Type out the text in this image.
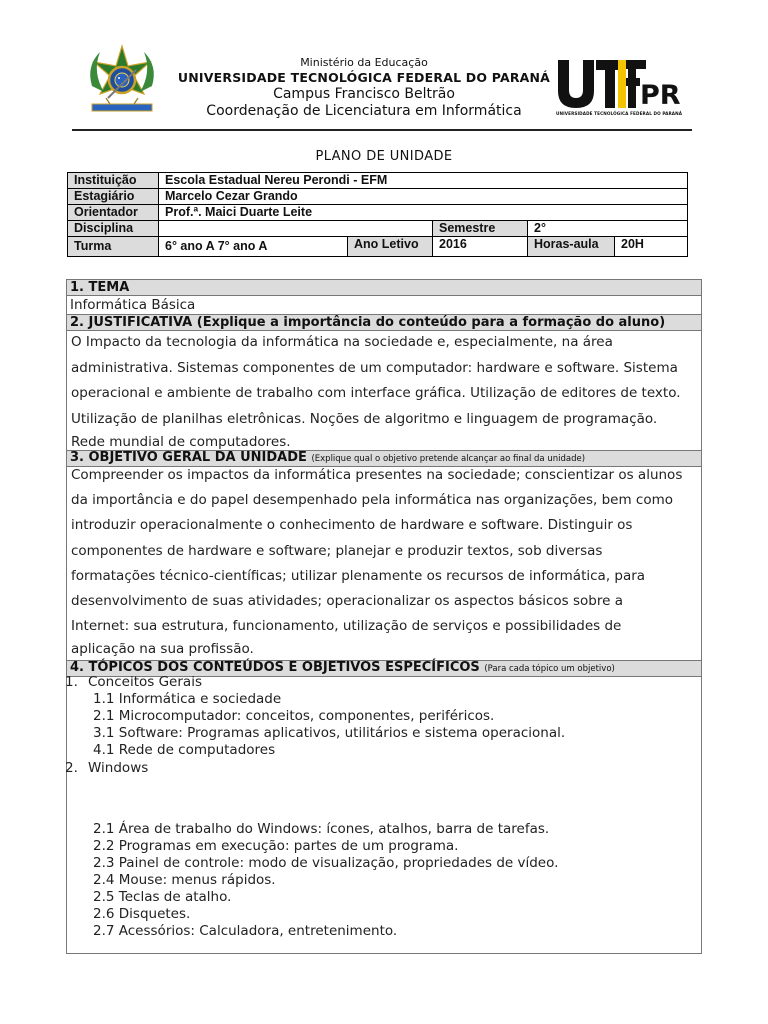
Ministério da Educação
UNIVERSIDADE TECNOLÓGICA FEDERAL DO PARANÁ
Campus Francisco Beltrão
Coordenação de Licenciatura em Informática	PR
UNIVERSIDADE TECNOLÓGICA FEDERAL DO PARANÁ
PLANO DE UNIDADE
Instituição	Escola Estadual Nereu Perondi - EFM				
Estagiário	Marcelo Cezar Grando				
Orientador	Prof.ª. Maici Duarte Leite				
Disciplina			Semestre	2°	
Turma	6° ano A 7° ano A	Ano Letivo	2016	Horas-aula	20H
1. TEMA
Informática Básica
2. JUSTIFICATIVA (Explique a importância do conteúdo para a formação do aluno)
O Impacto da tecnologia da informática na sociedade e, especialmente, na área
administrativa. Sistemas componentes de um computador: hardware e software. Sistema
operacional e ambiente de trabalho com interface gráfica. Utilização de editores de texto.
Utilização de planilhas eletrônicas. Noções de algoritmo e linguagem de programação.
Rede mundial de computadores.
3. OBJETIVO GERAL DA UNIDADE (Explique qual o objetivo pretende alcançar ao final da unidade)
Compreender os impactos da informática presentes na sociedade; conscientizar os alunos
da importância e do papel desempenhado pela informática nas organizações, bem como
introduzir operacionalmente o conhecimento de hardware e software. Distinguir os
componentes de hardware e software; planejar e produzir textos, sob diversas
formatações técnico-científicas; utilizar plenamente os recursos de informática, para
desenvolvimento de suas atividades; operacionalizar os aspectos básicos sobre a
Internet: sua estrutura, funcionamento, utilização de serviços e possibilidades de
aplicação na sua profissão.
4. TÓPICOS DOS CONTEÚDOS E OBJETIVOS ESPECÍFICOS (Para cada tópico um objetivo)
1. Conceitos Gerais
1.1 Informática e sociedade
2.1 Microcomputador: conceitos, componentes, periféricos.
3.1 Software: Programas aplicativos, utilitários e sistema operacional.
4.1 Rede de computadores
2. Windows
2.1 Área de trabalho do Windows: ícones, atalhos, barra de tarefas.
2.2 Programas em execução: partes de um programa.
2.3 Painel de controle: modo de visualização, propriedades de vídeo.
2.4 Mouse: menus rápidos.
2.5 Teclas de atalho.
2.6 Disquetes.
2.7 Acessórios: Calculadora, entretenimento.
